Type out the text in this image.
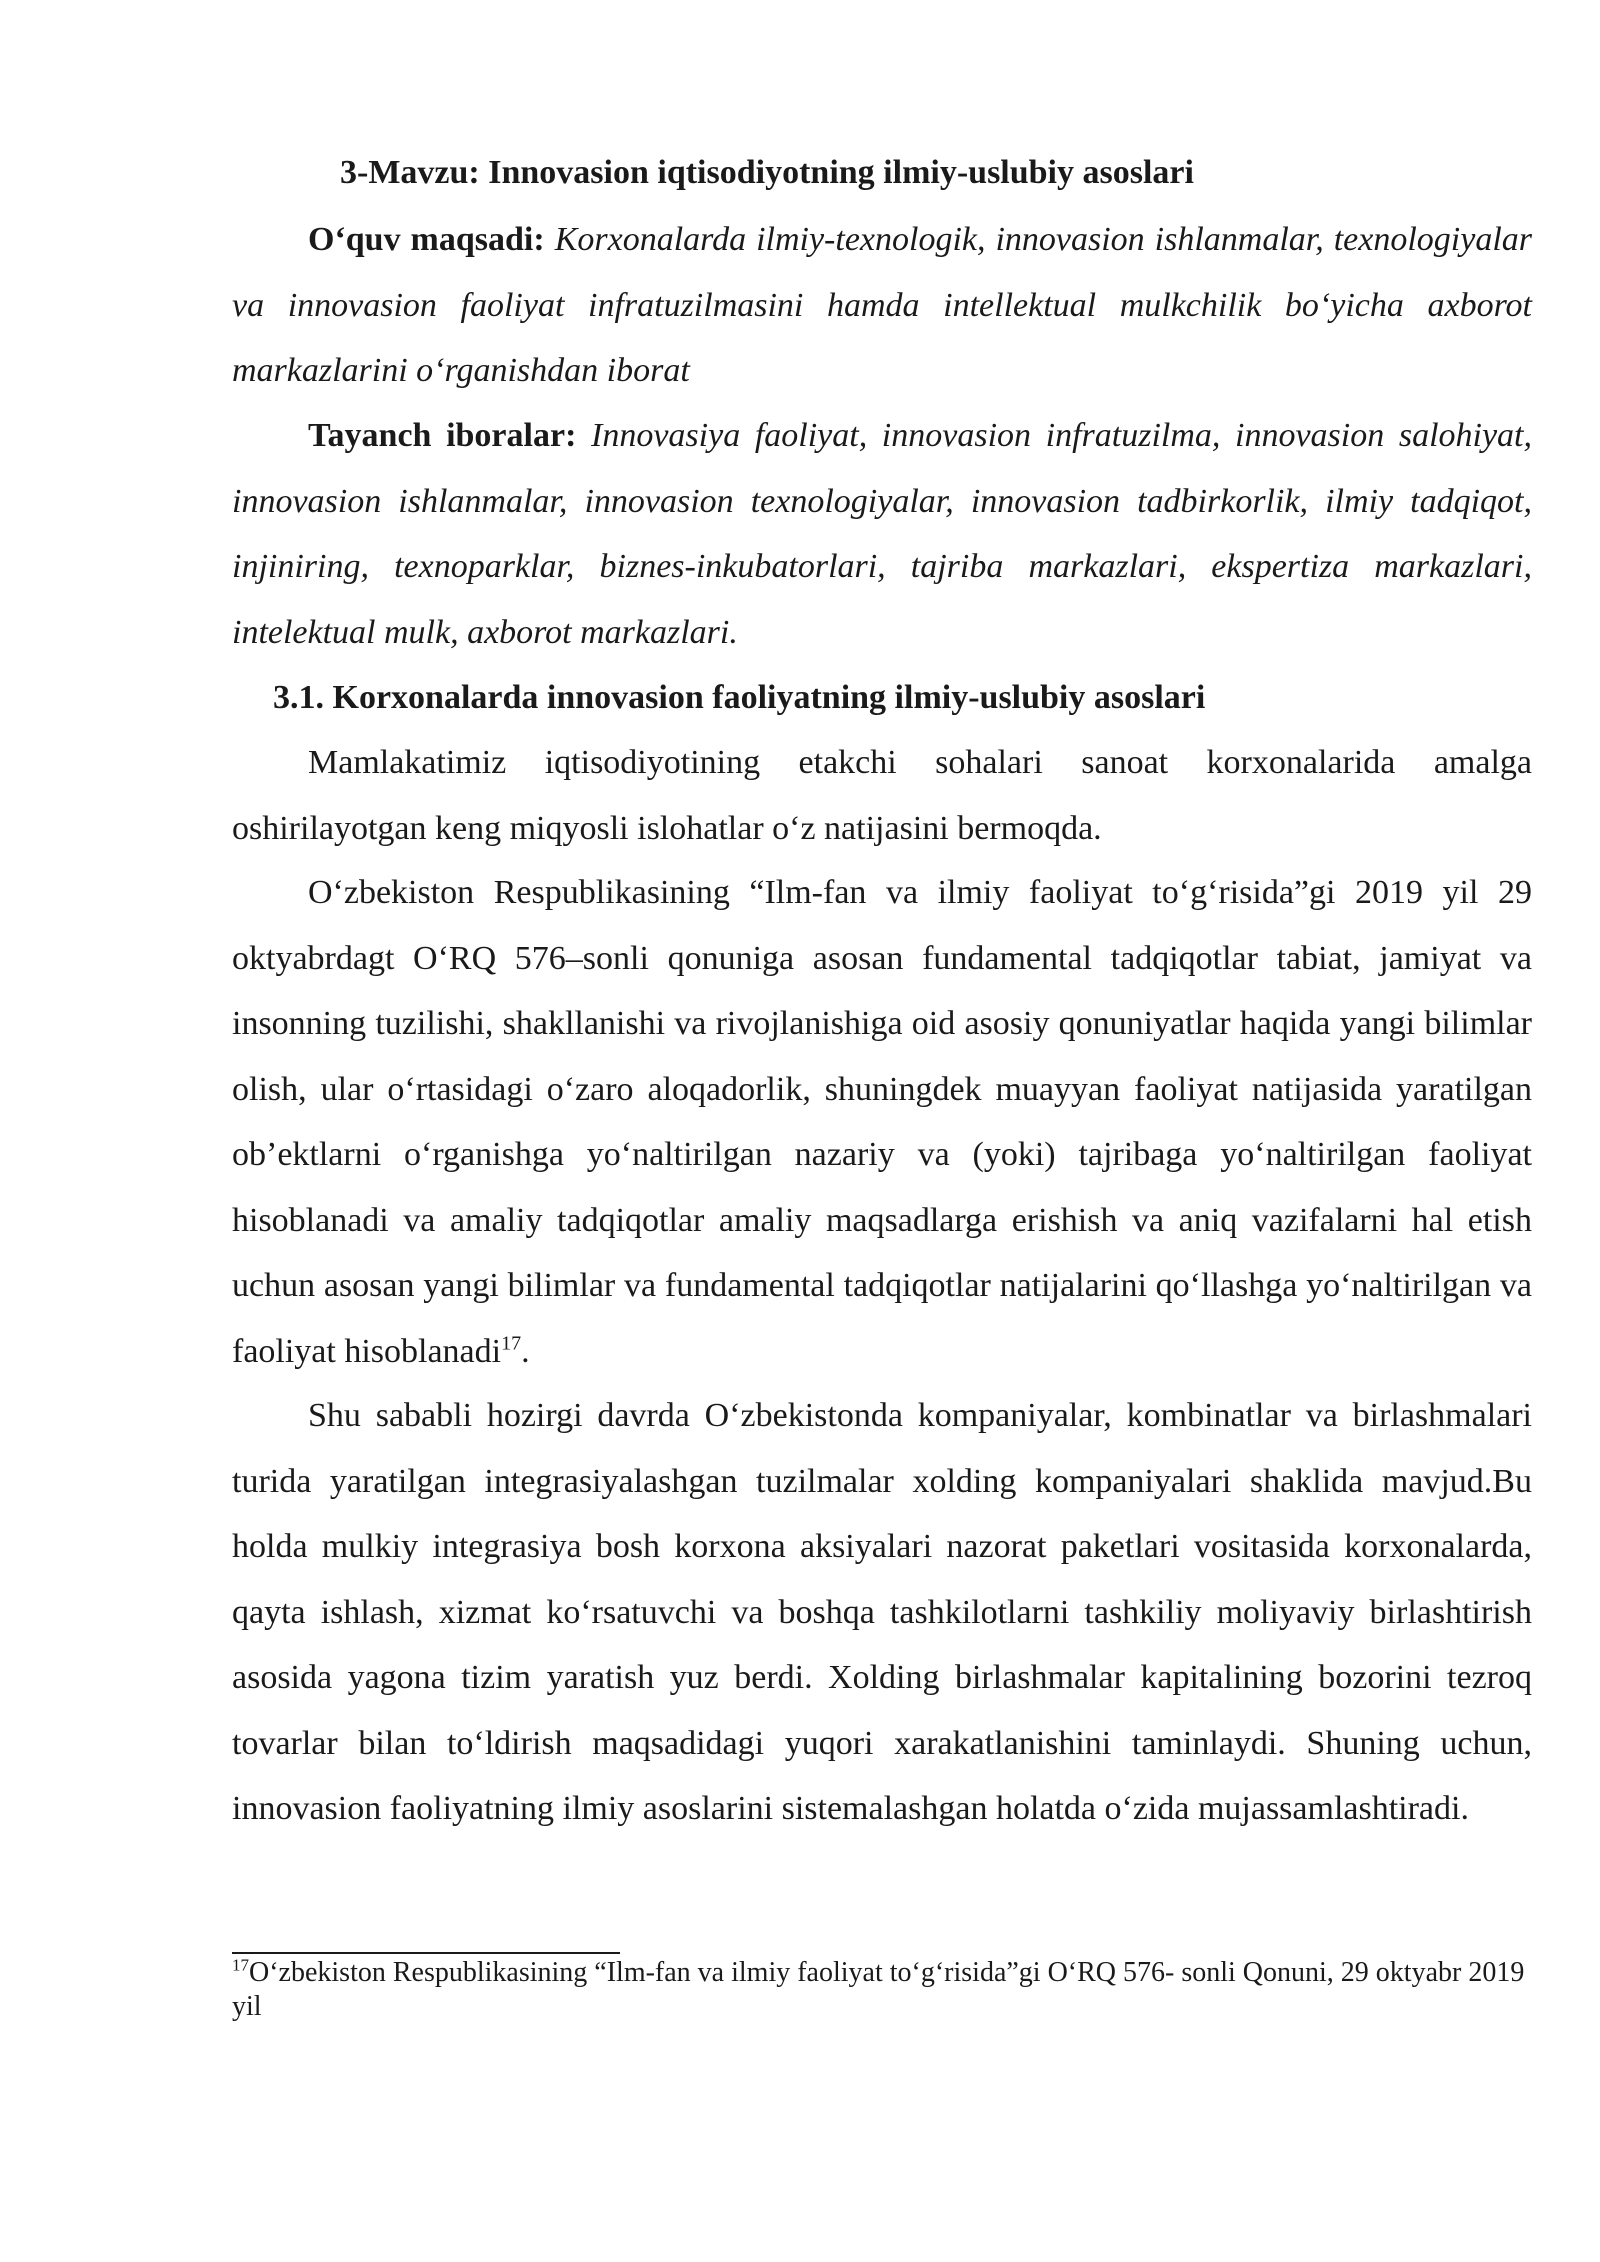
3-Mavzu: Innovasion iqtisodiyotning ilmiy-uslubiy asoslari

O‘quv maqsadi: Korxonalarda ilmiy-texnologik, innovasion ishlanmalar, texnologiyalar va innovasion faoliyat infratuzilmasini hamda intellektual mulkchilik bo‘yicha axborot markazlarini o‘rganishdan iborat

Tayanch iboralar: Innovasiya faoliyat, innovasion infratuzilma, innovasion salohiyat, innovasion ishlanmalar, innovasion texnologiyalar, innovasion tadbirkorlik, ilmiy tadqiqot, injiniring, texnoparklar, biznes-inkubatorlari, tajriba markazlari, ekspertiza markazlari, intelektual mulk, axborot markazlari.

3.1. Korxonalarda innovasion faoliyatning ilmiy-uslubiy asoslari

Mamlakatimiz iqtisodiyotining etakchi sohalari sanoat korxonalarida amalga oshirilayotgan keng miqyosli islohatlar o‘z natijasini bermoqda.

O‘zbekiston Respublikasining “Ilm-fan va ilmiy faoliyat to‘g‘risida”gi 2019 yil 29 oktyabrdagt O‘RQ 576–sonli qonuniga asosan fundamental tadqiqotlar tabiat, jamiyat va insonning tuzilishi, shakllanishi va rivojlanishiga oid asosiy qonuniyatlar haqida yangi bilimlar olish, ular o‘rtasidagi o‘zaro aloqadorlik, shuningdek muayyan faoliyat natijasida yaratilgan ob’ektlarni o‘rganishga yo‘naltirilgan nazariy va (yoki) tajribaga yo‘naltirilgan faoliyat hisoblanadi va amaliy tadqiqotlar amaliy maqsadlarga erishish va aniq vazifalarni hal etish uchun asosan yangi bilimlar va fundamental tadqiqotlar natijalarini qo‘llashga yo‘naltirilgan va faoliyat hisoblanadi$^{17}$.

Shu sababli hozirgi davrda O‘zbekistonda kompaniyalar, kombinatlar va birlashmalari turida yaratilgan integrasiyalashgan tuzilmalar xolding kompaniyalari shaklida mavjud.Bu holda mulkiy integrasiya bosh korxona aksiyalari nazorat paketlari vositasida korxonalarda, qayta ishlash, xizmat ko‘rsatuvchi va boshqa tashkilotlarni tashkiliy moliyaviy birlashtirish asosida yagona tizim yaratish yuz berdi. Xolding birlashmalar kapitalining bozorini tezroq tovarlar bilan to‘ldirish maqsadidagi yuqori xarakatlanishini taminlaydi. Shuning uchun, innovasion faoliyatning ilmiy asoslarini sistemalashgan holatda o‘zida mujassamlashtiradi.

$^{17}$O‘zbekiston Respublikasining “Ilm-fan va ilmiy faoliyat to‘g‘risida”gi O‘RQ 576- sonli Qonuni, 29 oktyabr 2019 yil
